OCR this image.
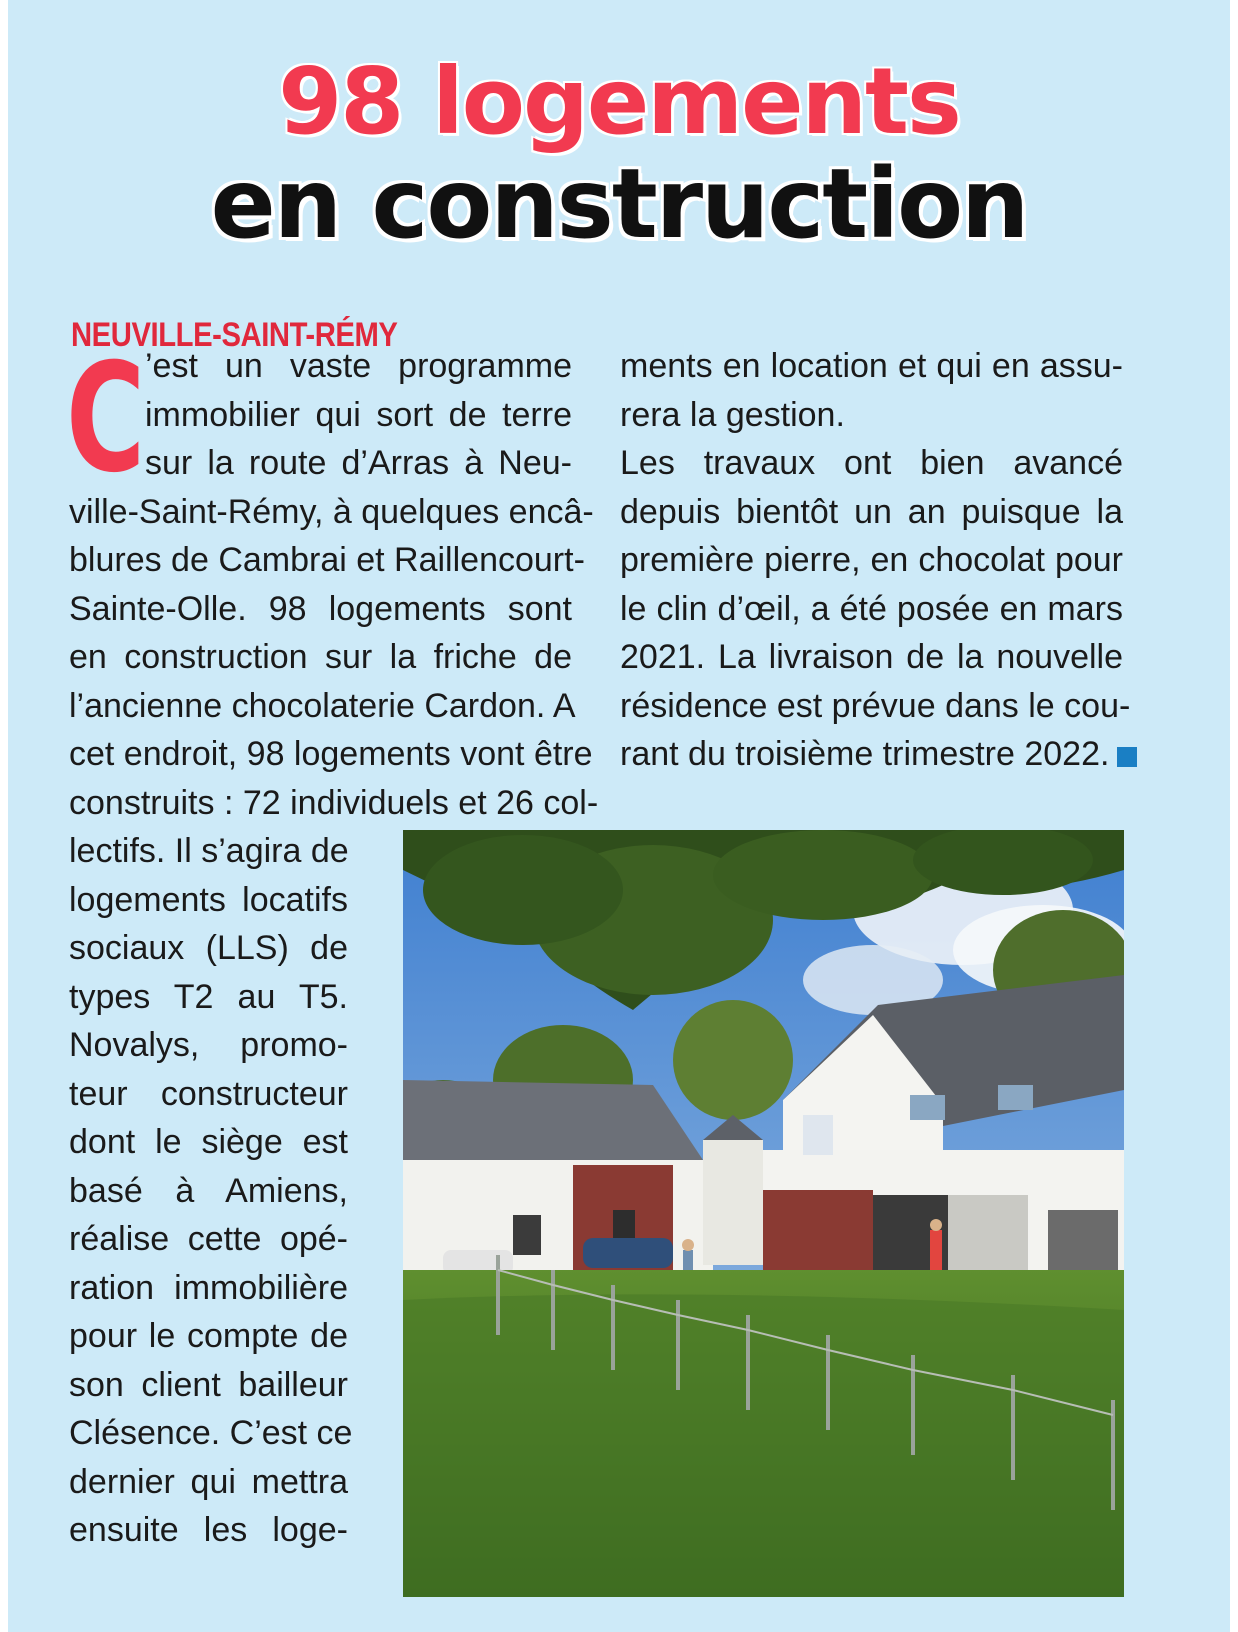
98 logements
en construction
NEUVILLE-SAINT-RÉMY
C ’est un vaste programme
immobilier qui sort de terre
sur la route d’Arras à Neu-
ville-Saint-Rémy, à quelques encâ-
blures de Cambrai et Raillencourt-
Sainte-Olle. 98 logements sont
en construction sur la friche de
l’ancienne chocolaterie Cardon. A
cet endroit, 98 logements vont être
construits : 72 individuels et 26 col-
lectifs. Il s’agira de
logements locatifs
sociaux (LLS) de
types T2 au T5.
Novalys, promo-
teur constructeur
dont le siège est
basé à Amiens,
réalise cette opé-
ration immobilière
pour le compte de
son client bailleur
Clésence. C’est ce
dernier qui mettra
ensuite les loge-
ments en location et qui en assu-
rera la gestion.
Les travaux ont bien avancé
depuis bientôt un an puisque la
première pierre, en chocolat pour
le clin d’œil, a été posée en mars
2021. La livraison de la nouvelle
résidence est prévue dans le cou-
rant du troisième trimestre 2022.
